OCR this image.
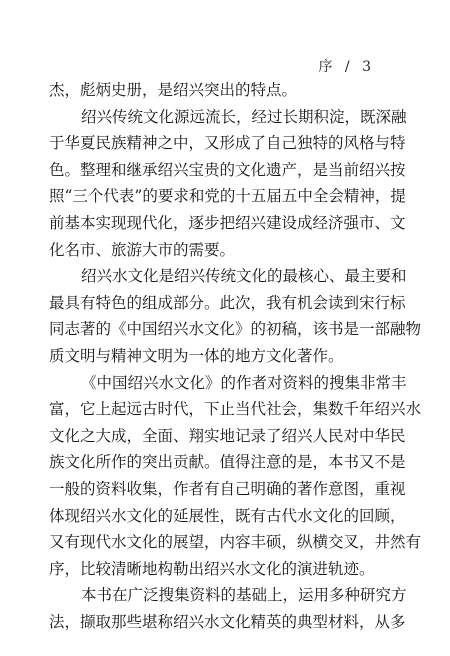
序 / 3
杰，彪炳史册，是绍兴突出的特点。
绍兴传统文化源远流长，经过长期积淀，既深融
于华夏民族精神之中，又形成了自己独特的风格与特
色。整理和继承绍兴宝贵的文化遗产，是当前绍兴按
照“三个代表”的要求和党的十五届五中全会精神，提
前基本实现现代化，逐步把绍兴建设成经济强市、文
化名市、旅游大市的需要。
绍兴水文化是绍兴传统文化的最核心、最主要和
最具有特色的组成部分。此次，我有机会读到宋行标
同志著的《中国绍兴水文化》的初稿，该书是一部融物
质文明与精神文明为一体的地方文化著作。
《中国绍兴水文化》的作者对资料的搜集非常丰
富，它上起远古时代，下止当代社会，集数千年绍兴水
文化之大成，全面、翔实地记录了绍兴人民对中华民
族文化所作的突出贡献。值得注意的是，本书又不是
一般的资料收集，作者有自己明确的著作意图，重视
体现绍兴水文化的延展性，既有古代水文化的回顾，
又有现代水文化的展望，内容丰硕，纵横交叉，井然有
序，比较清晰地构勒出绍兴水文化的演进轨迹。
本书在广泛搜集资料的基础上，运用多种研究方
法，撷取那些堪称绍兴水文化精英的典型材料，从多
